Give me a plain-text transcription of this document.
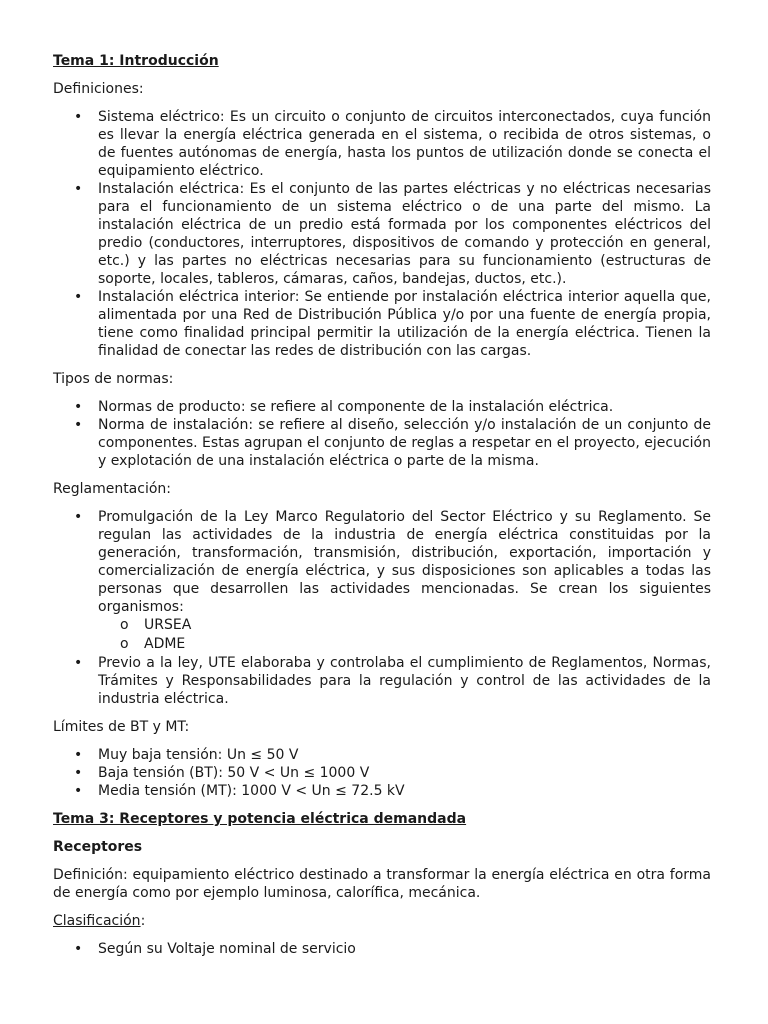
Tema 1: Introducción
Definiciones:
• Sistema eléctrico: Es un circuito o conjunto de circuitos interconectados, cuya función es llevar la energía eléctrica generada en el sistema, o recibida de otros sistemas, o de fuentes autónomas de energía, hasta los puntos de utilización donde se conecta el equipamiento eléctrico.
• Instalación eléctrica: Es el conjunto de las partes eléctricas y no eléctricas necesarias para el funcionamiento de un sistema eléctrico o de una parte del mismo. La instalación eléctrica de un predio está formada por los componentes eléctricos del predio (conductores, interruptores, dispositivos de comando y protección en general, etc.) y las partes no eléctricas necesarias para su funcionamiento (estructuras de soporte, locales, tableros, cámaras, caños, bandejas, ductos, etc.).
• Instalación eléctrica interior: Se entiende por instalación eléctrica interior aquella que, alimentada por una Red de Distribución Pública y/o por una fuente de energía propia, tiene como finalidad principal permitir la utilización de la energía eléctrica. Tienen la finalidad de conectar las redes de distribución con las cargas.
Tipos de normas:
• Normas de producto: se refiere al componente de la instalación eléctrica.
• Norma de instalación: se refiere al diseño, selección y/o instalación de un conjunto de componentes. Estas agrupan el conjunto de reglas a respetar en el proyecto, ejecución y explotación de una instalación eléctrica o parte de la misma.
Reglamentación:
• Promulgación de la Ley Marco Regulatorio del Sector Eléctrico y su Reglamento. Se regulan las actividades de la industria de energía eléctrica constituidas por la generación, transformación, transmisión, distribución, exportación, importación y comercialización de energía eléctrica, y sus disposiciones son aplicables a todas las personas que desarrollen las actividades mencionadas. Se crean los siguientes organismos:
o URSEA
o ADME
• Previo a la ley, UTE elaboraba y controlaba el cumplimiento de Reglamentos, Normas, Trámites y Responsabilidades para la regulación y control de las actividades de la industria eléctrica.
Límites de BT y MT:
• Muy baja tensión: Un ≤ 50 V
• Baja tensión (BT): 50 V < Un ≤ 1000 V
• Media tensión (MT): 1000 V < Un ≤ 72.5 kV
Tema 3: Receptores y potencia eléctrica demandada
Receptores
Definición: equipamiento eléctrico destinado a transformar la energía eléctrica en otra forma de energía como por ejemplo luminosa, calorífica, mecánica.
Clasificación:
• Según su Voltaje nominal de servicio
